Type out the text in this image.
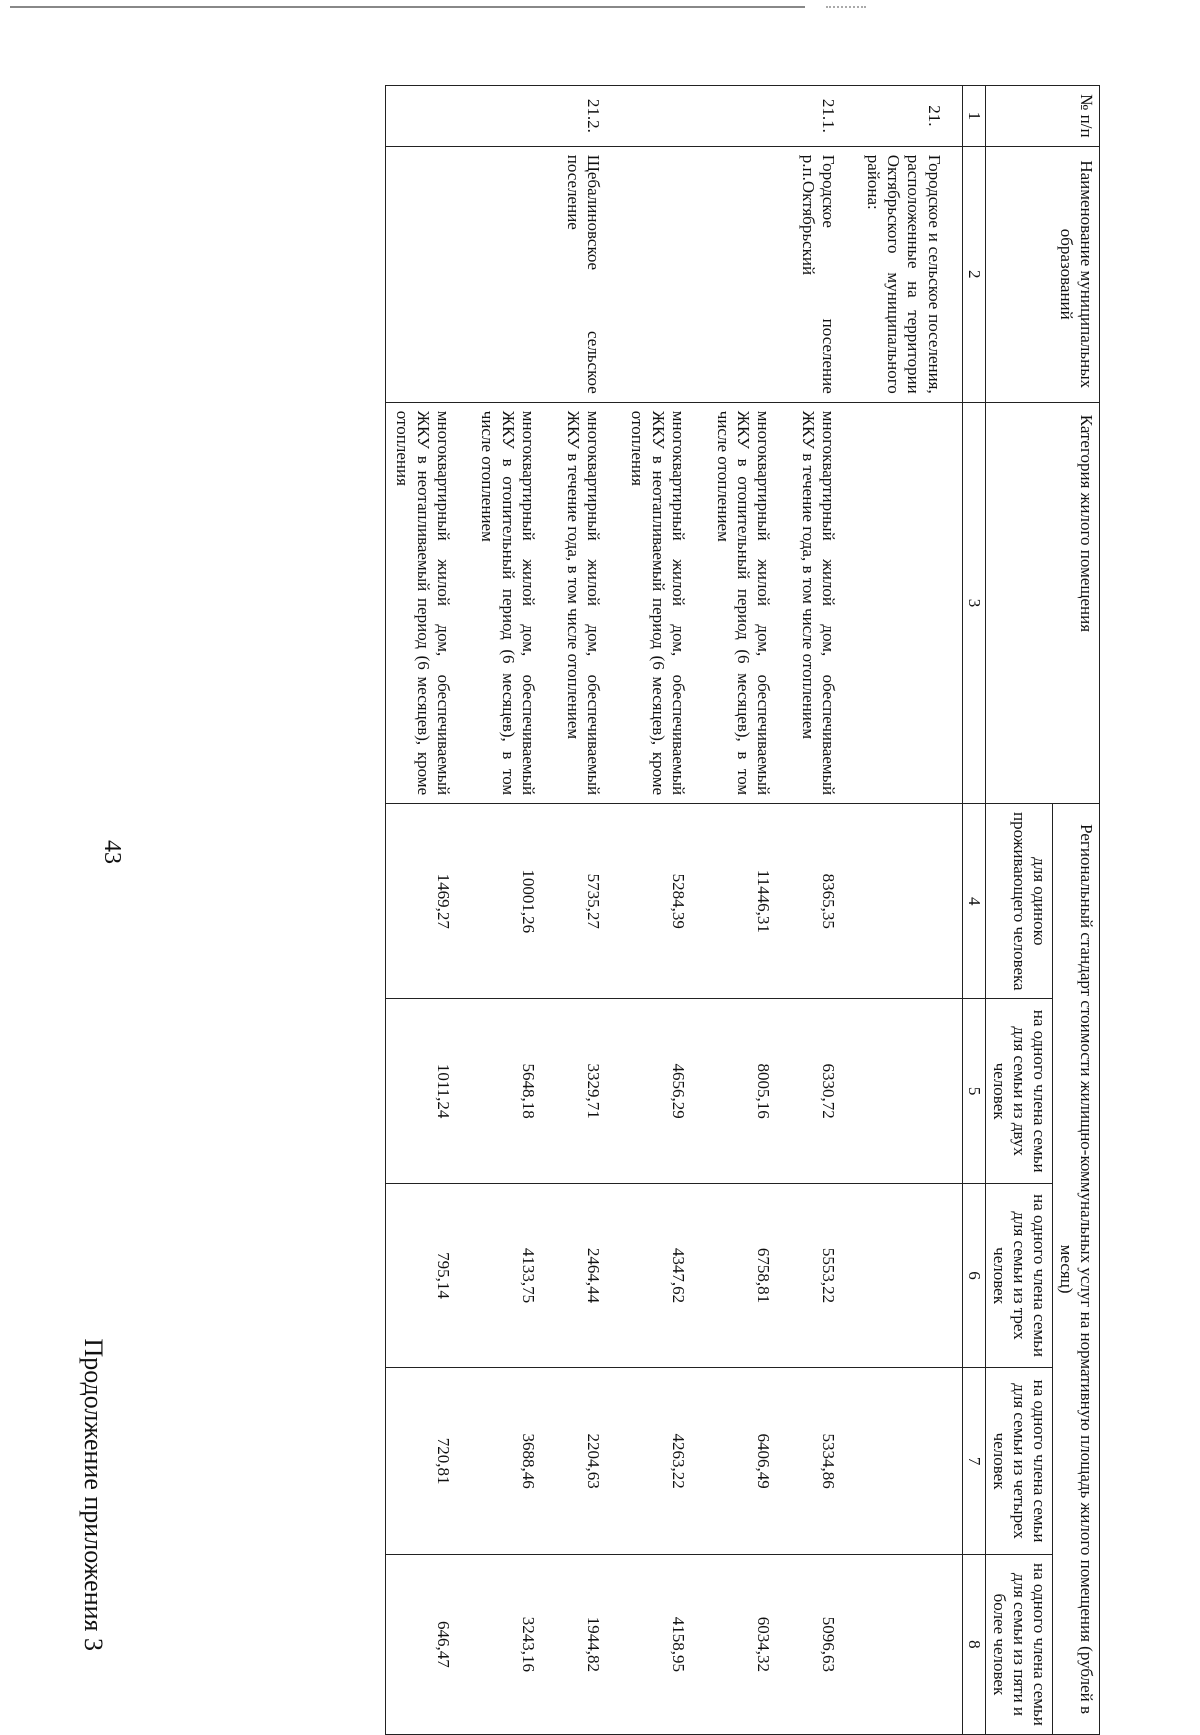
43
Продолжение приложения 3
№ п/п	Наименование муниципальных образований	Категория жилого помещения	Региональный стандарт стоимости жилищно-коммунальных услуг на нормативную площадь жилого помещения (рублей в месяц)				
			для одиноко проживающего человека	на одного члена семьи для семьи из двух человек	на одного члена семьи для семьи из трех человек	на одного члена семьи для семьи из четырех человек	на одного члена семьи для семьи из пяти и более человек
1	2	3	4	5	6	7	8
21.	Городское и сельское поселения, расположенные на территории Октябрьского муниципального района:						
21.1.	Городское поселение р.п.Октябрьский	многоквартирный жилой дом, обеспечиваемый ЖКУ в течение года, в том числе отоплением	8365,35	6330,72	5553,22	5334,86	5096,63
		многоквартирный жилой дом, обеспечиваемый ЖКУ в отопительный период (6 месяцев), в том числе отоплением	11446,31	8005,16	6758,81	6406,49	6034,32
		многоквартирный жилой дом, обеспечиваемый ЖКУ в неотапливаемый период (6 месяцев), кроме отопления	5284,39	4656,29	4347,62	4263,22	4158,95
21.2.	Щебалиновское сельское поселение	многоквартирный жилой дом, обеспечиваемый ЖКУ в течение года, в том числе отоплением	5735,27	3329,71	2464,44	2204,63	1944,82
		многоквартирный жилой дом, обеспечиваемый ЖКУ в отопительный период (6 месяцев), в том числе отоплением	10001,26	5648,18	4133,75	3688,46	3243,16
		многоквартирный жилой дом, обеспечиваемый ЖКУ в неотапливаемый период (6 месяцев), кроме отопления	1469,27	1011,24	795,14	720,81	646,47
